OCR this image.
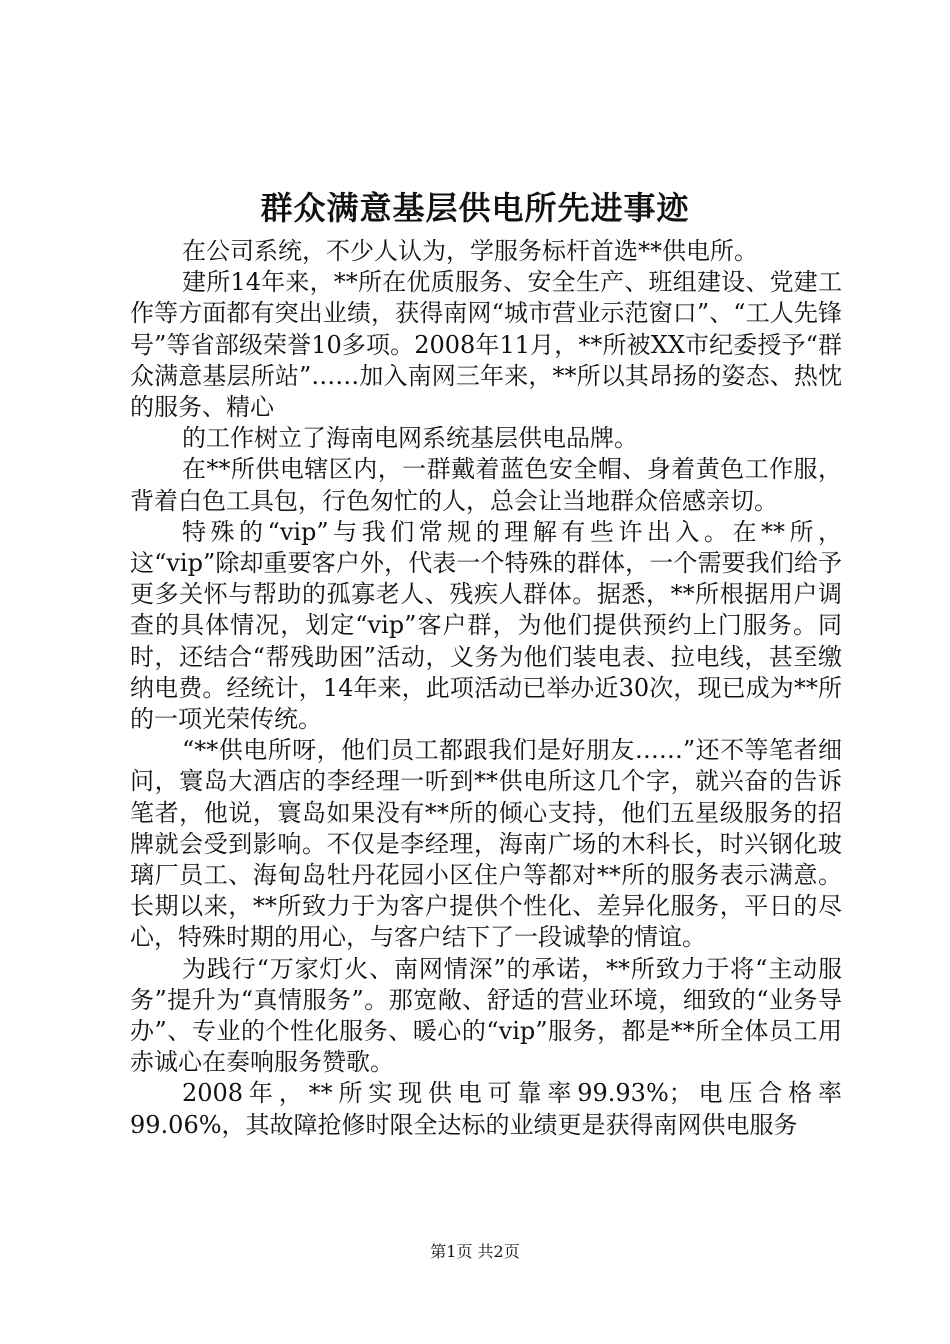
群众满意基层供电所先进事迹

在公司系统，不少人认为，学服务标杆首选**供电所。

建所14年来，**所在优质服务、安全生产、班组建设、党建工作等方面都有突出业绩，获得南网“城市营业示范窗口”、“工人先锋号”等省部级荣誉10多项。2008年11月，**所被XX市纪委授予“群众满意基层所站”……加入南网三年来，**所以其昂扬的姿态、热忱的服务、精心

的工作树立了海南电网系统基层供电品牌。

在**所供电辖区内，一群戴着蓝色安全帽、身着黄色工作服，背着白色工具包，行色匆忙的人，总会让当地群众倍感亲切。

特殊的“vip”与我们常规的理解有些许出入。在**所，这“vip”除却重要客户外，代表一个特殊的群体，一个需要我们给予更多关怀与帮助的孤寡老人、残疾人群体。据悉，**所根据用户调查的具体情况，划定“vip”客户群，为他们提供预约上门服务。同时，还结合“帮残助困”活动，义务为他们装电表、拉电线，甚至缴纳电费。经统计，14年来，此项活动已举办近30次，现已成为**所的一项光荣传统。

“**供电所呀，他们员工都跟我们是好朋友……”还不等笔者细问，寰岛大酒店的李经理一听到**供电所这几个字，就兴奋的告诉笔者，他说，寰岛如果没有**所的倾心支持，他们五星级服务的招牌就会受到影响。不仅是李经理，海南广场的木科长，时兴钢化玻璃厂员工、海甸岛牡丹花园小区住户等都对**所的服务表示满意。长期以来，**所致力于为客户提供个性化、差异化服务，平日的尽心，特殊时期的用心，与客户结下了一段诚挚的情谊。

为践行“万家灯火、南网情深”的承诺，**所致力于将“主动服务”提升为“真情服务”。那宽敞、舒适的营业环境，细致的“业务导办”、专业的个性化服务、暖心的“vip”服务，都是**所全体员工用赤诚心在奏响服务赞歌。

2008年，**所实现供电可靠率99.93%；电压合格率99.06%，其故障抢修时限全达标的业绩更是获得南网供电服务

第1页 共2页
